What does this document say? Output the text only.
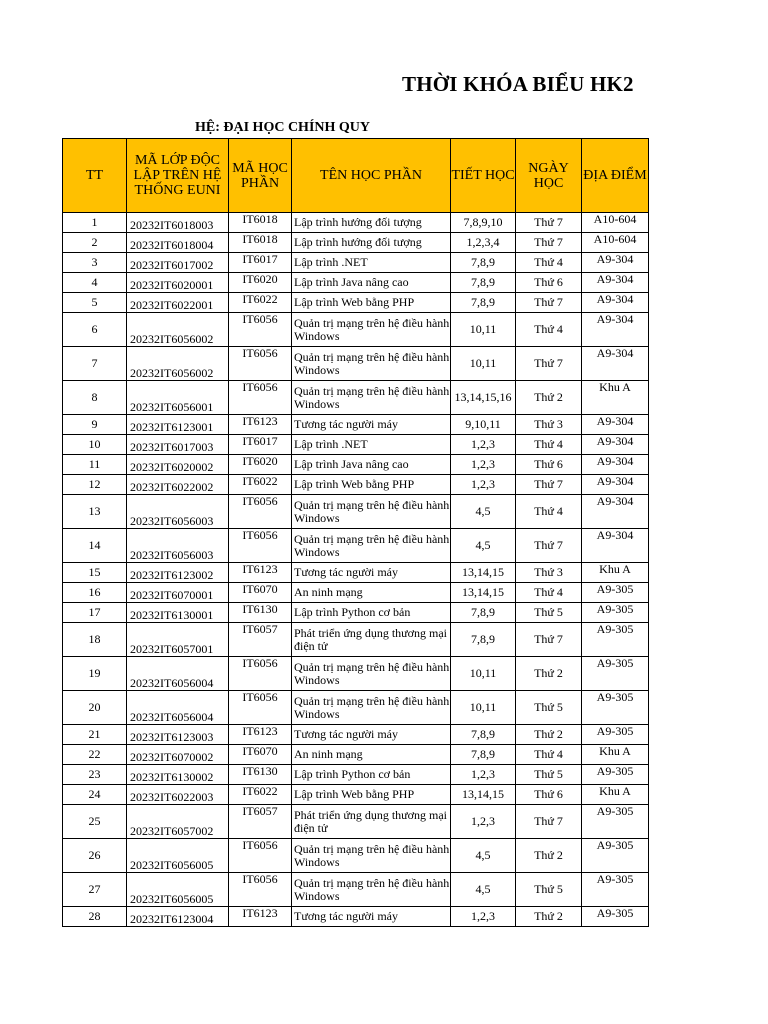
THỜI KHÓA BIỂU HK2
HỆ: ĐẠI HỌC CHÍNH QUY
TT	MÃ LỚP ĐỘC LẬP TRÊN HỆ THỐNG EUNI	MÃ HỌC PHẦN	TÊN HỌC PHẦN	TIẾT HỌC	NGÀY HỌC	ĐỊA ĐIỂM
1	20232IT6018003	IT6018	Lập trình hướng đối tượng	7,8,9,10	Thứ 7	A10-604
2	20232IT6018004	IT6018	Lập trình hướng đối tượng	1,2,3,4	Thứ 7	A10-604
3	20232IT6017002	IT6017	Lập trình .NET	7,8,9	Thứ 4	A9-304
4	20232IT6020001	IT6020	Lập trình Java nâng cao	7,8,9	Thứ 6	A9-304
5	20232IT6022001	IT6022	Lập trình Web bằng PHP	7,8,9	Thứ 7	A9-304
6	20232IT6056002	IT6056	Quản trị mạng trên hệ điều hành Windows	10,11	Thứ 4	A9-304
7	20232IT6056002	IT6056	Quản trị mạng trên hệ điều hành Windows	10,11	Thứ 7	A9-304
8	20232IT6056001	IT6056	Quản trị mạng trên hệ điều hành Windows	13,14,15,16	Thứ 2	Khu A
9	20232IT6123001	IT6123	Tương tác người máy	9,10,11	Thứ 3	A9-304
10	20232IT6017003	IT6017	Lập trình .NET	1,2,3	Thứ 4	A9-304
11	20232IT6020002	IT6020	Lập trình Java nâng cao	1,2,3	Thứ 6	A9-304
12	20232IT6022002	IT6022	Lập trình Web bằng PHP	1,2,3	Thứ 7	A9-304
13	20232IT6056003	IT6056	Quản trị mạng trên hệ điều hành Windows	4,5	Thứ 4	A9-304
14	20232IT6056003	IT6056	Quản trị mạng trên hệ điều hành Windows	4,5	Thứ 7	A9-304
15	20232IT6123002	IT6123	Tương tác người máy	13,14,15	Thứ 3	Khu A
16	20232IT6070001	IT6070	An ninh mạng	13,14,15	Thứ 4	A9-305
17	20232IT6130001	IT6130	Lập trình Python cơ bản	7,8,9	Thứ 5	A9-305
18	20232IT6057001	IT6057	Phát triển ứng dụng thương mại điện tử	7,8,9	Thứ 7	A9-305
19	20232IT6056004	IT6056	Quản trị mạng trên hệ điều hành Windows	10,11	Thứ 2	A9-305
20	20232IT6056004	IT6056	Quản trị mạng trên hệ điều hành Windows	10,11	Thứ 5	A9-305
21	20232IT6123003	IT6123	Tương tác người máy	7,8,9	Thứ 2	A9-305
22	20232IT6070002	IT6070	An ninh mạng	7,8,9	Thứ 4	Khu A
23	20232IT6130002	IT6130	Lập trình Python cơ bản	1,2,3	Thứ 5	A9-305
24	20232IT6022003	IT6022	Lập trình Web bằng PHP	13,14,15	Thứ 6	Khu A
25	20232IT6057002	IT6057	Phát triển ứng dụng thương mại điện tử	1,2,3	Thứ 7	A9-305
26	20232IT6056005	IT6056	Quản trị mạng trên hệ điều hành Windows	4,5	Thứ 2	A9-305
27	20232IT6056005	IT6056	Quản trị mạng trên hệ điều hành Windows	4,5	Thứ 5	A9-305
28	20232IT6123004	IT6123	Tương tác người máy	1,2,3	Thứ 2	A9-305
